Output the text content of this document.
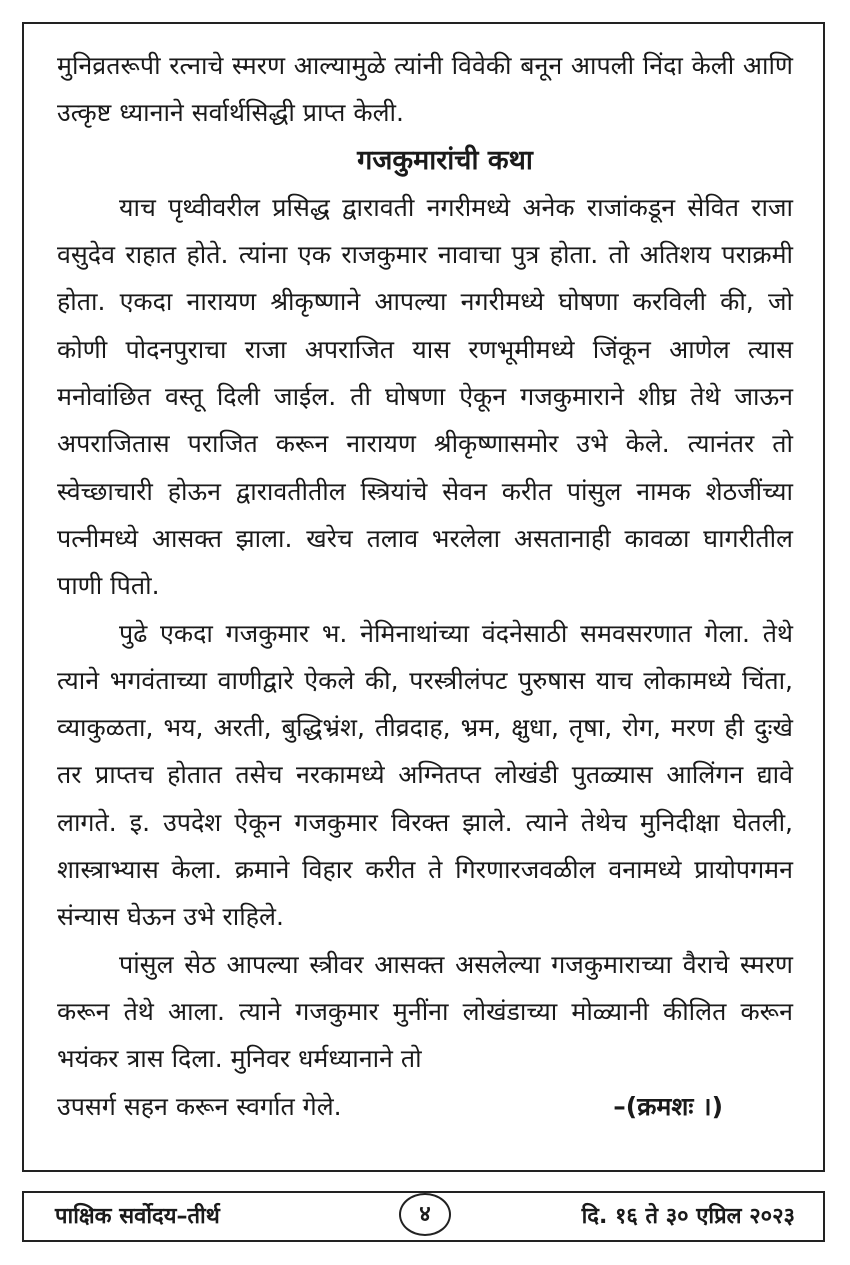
मुनिव्रतरूपी रत्नाचे स्मरण आल्यामुळे त्यांनी विवेकी बनून आपली निंदा केली आणि उत्कृष्ट ध्यानाने सर्वार्थसिद्धी प्राप्त केली.

गजकुमारांची कथा

याच पृथ्वीवरील प्रसिद्ध द्वारावती नगरीमध्ये अनेक राजांकडून सेवित राजा वसुदेव राहात होते. त्यांना एक राजकुमार नावाचा पुत्र होता. तो अतिशय पराक्रमी होता. एकदा नारायण श्रीकृष्णाने आपल्या नगरीमध्ये घोषणा करविली की, जो कोणी पोदनपुराचा राजा अपराजित यास रणभूमीमध्ये जिंकून आणेल त्यास मनोवांछित वस्तू दिली जाईल. ती घोषणा ऐकून गजकुमाराने शीघ्र तेथे जाऊन अपराजितास पराजित करून नारायण श्रीकृष्णासमोर उभे केले. त्यानंतर तो स्वेच्छाचारी होऊन द्वारावतीतील स्त्रियांचे सेवन करीत पांसुल नामक शेठजींच्या पत्नीमध्ये आसक्त झाला. खरेच तलाव भरलेला असतानाही कावळा घागरीतील पाणी पितो.

पुढे एकदा गजकुमार भ. नेमिनाथांच्या वंदनेसाठी समवसरणात गेला. तेथे त्याने भगवंताच्या वाणीद्वारे ऐकले की, परस्त्रीलंपट पुरुषास याच लोकामध्ये चिंता, व्याकुळता, भय, अरती, बुद्धिभ्रंश, तीव्रदाह, भ्रम, क्षुधा, तृषा, रोग, मरण ही दुःखे तर प्राप्तच होतात तसेच नरकामध्ये अग्नितप्त लोखंडी पुतळ्यास आलिंगन द्यावे लागते. इ. उपदेश ऐकून गजकुमार विरक्त झाले. त्याने तेथेच मुनिदीक्षा घेतली, शास्त्राभ्यास केला. क्रमाने विहार करीत ते गिरणारजवळील वनामध्ये प्रायोपगमन संन्यास घेऊन उभे राहिले.

पांसुल सेठ आपल्या स्त्रीवर आसक्त असलेल्या गजकुमाराच्या वैराचे स्मरण करून तेथे आला. त्याने गजकुमार मुनींना लोखंडाच्या मोळ्यानी कीलित करून भयंकर त्रास दिला. मुनिवर धर्मध्यानाने तो

उपसर्ग सहन करून स्वर्गात गेले.	–(क्रमशः ।)
पाक्षिक सर्वोदय–तीर्थ	४	दि. १६ ते ३० एप्रिल २०२३
